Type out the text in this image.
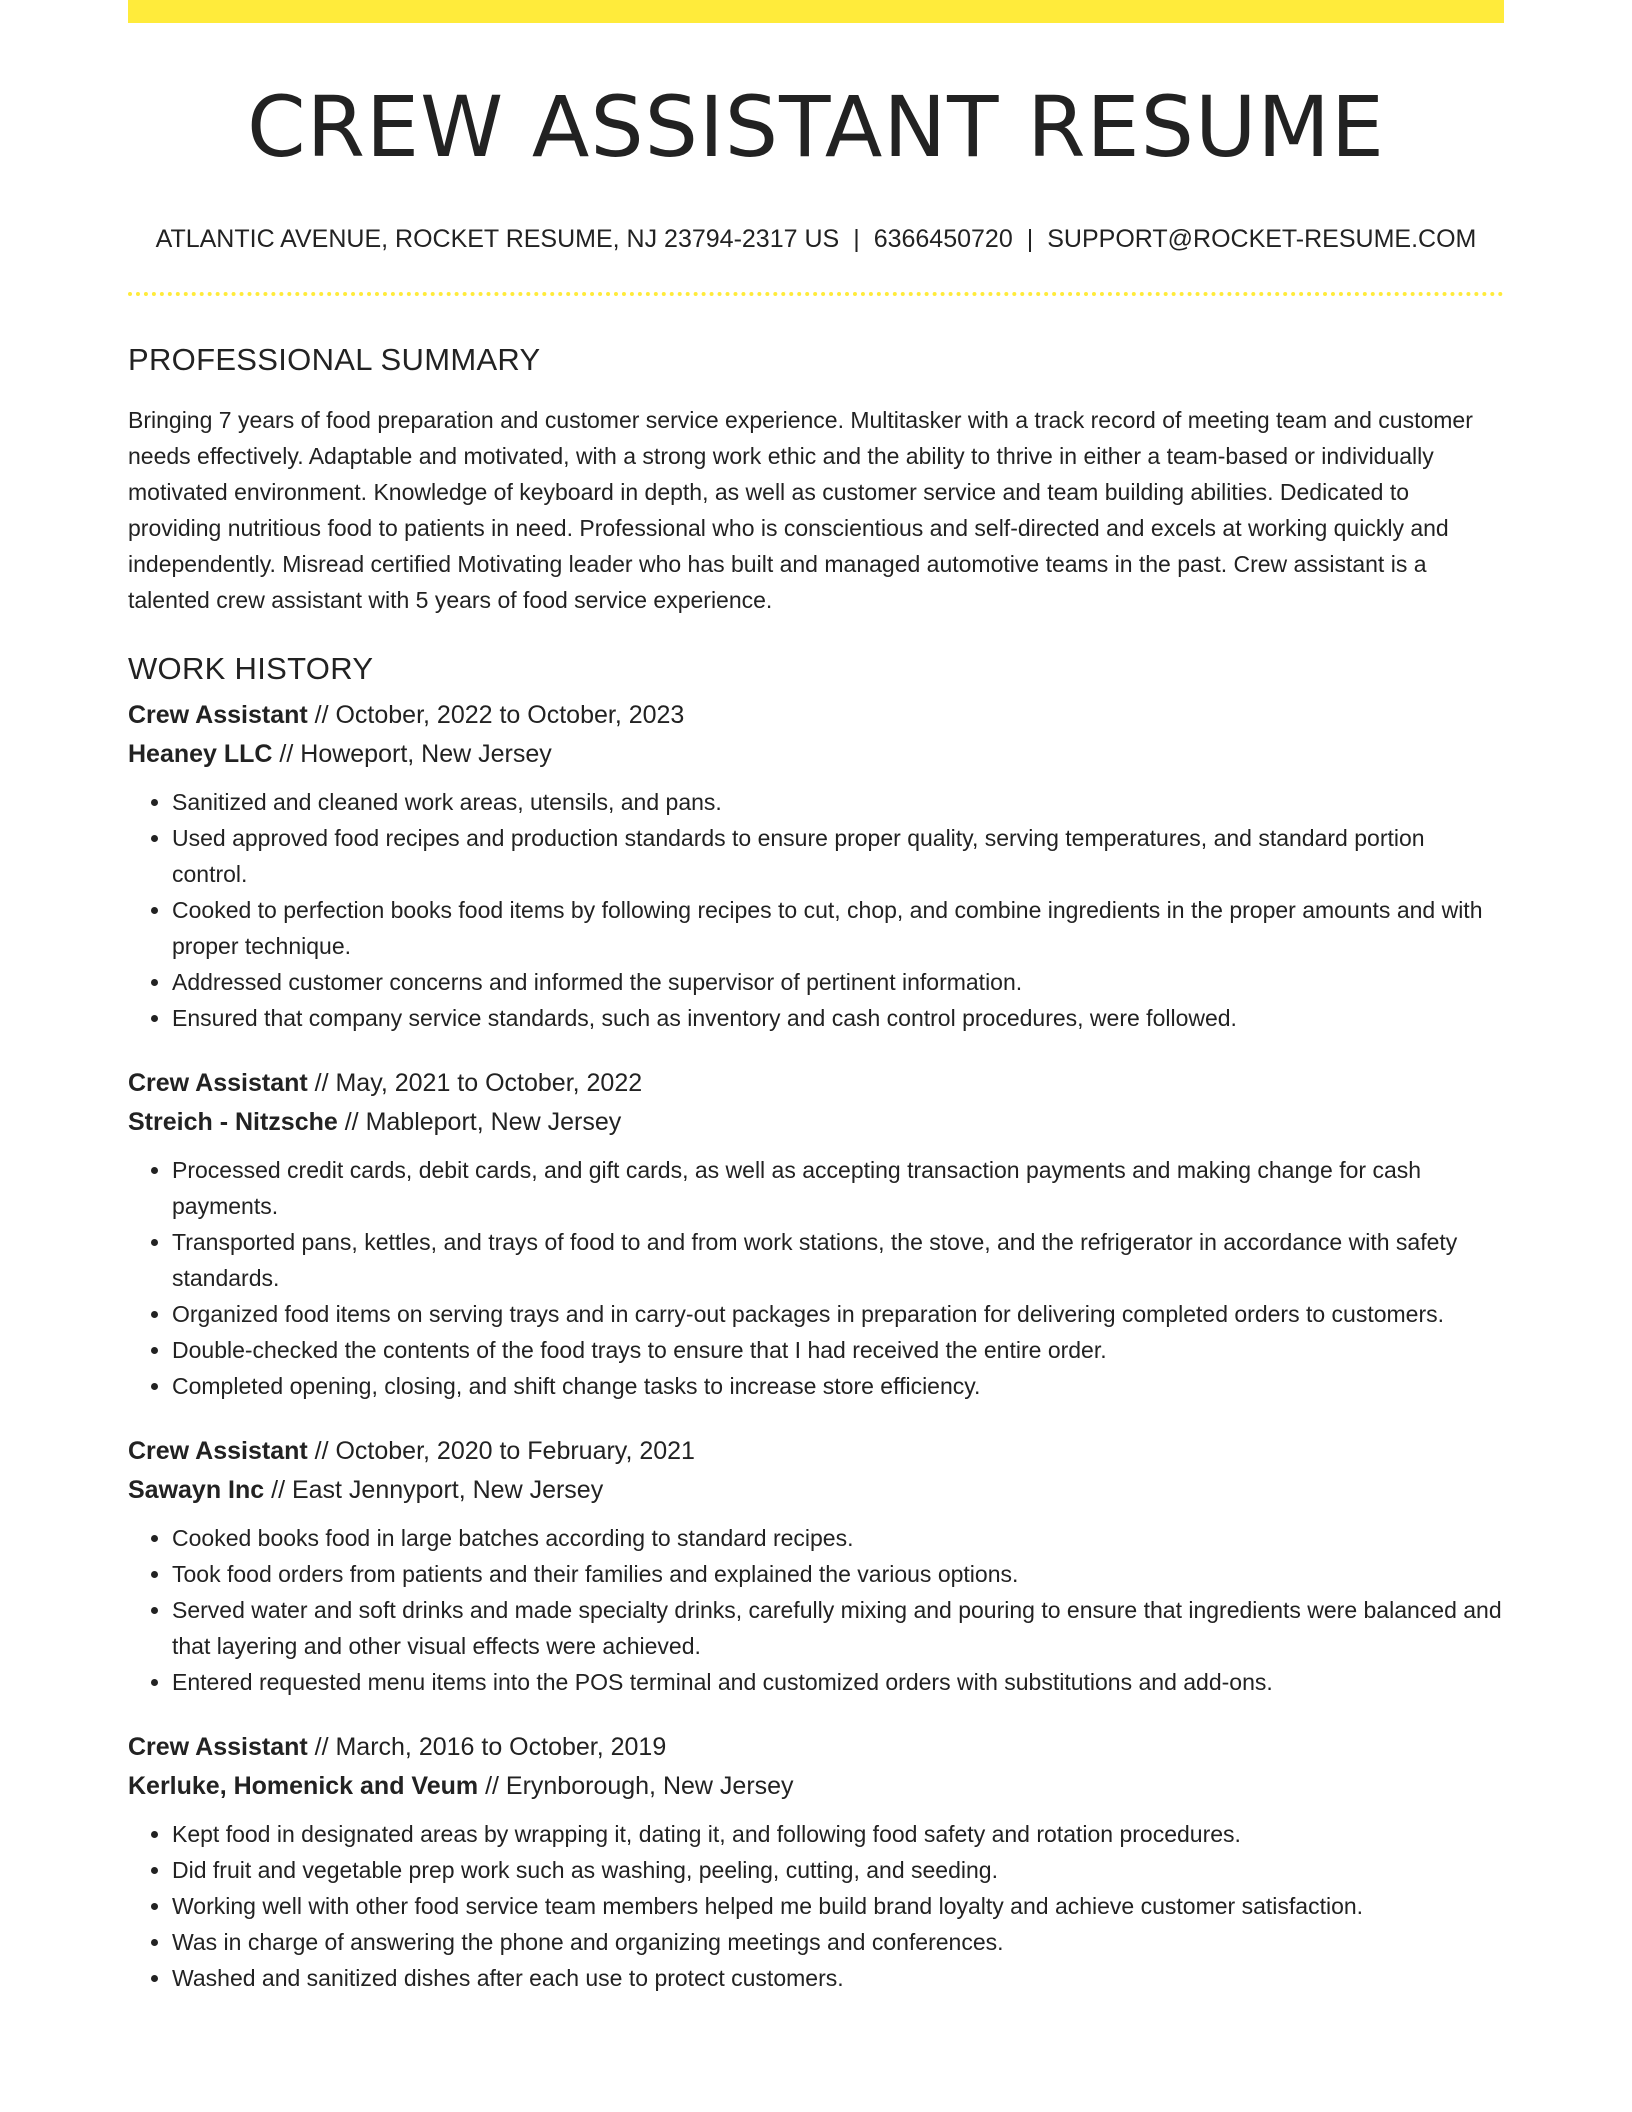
CREW ASSISTANT RESUME
ATLANTIC AVENUE, ROCKET RESUME, NJ 23794-2317 US | 6366450720 | SUPPORT@ROCKET-RESUME.COM
PROFESSIONAL SUMMARY

Bringing 7 years of food preparation and customer service experience. Multitasker with a track record of meeting team and customer needs effectively. Adaptable and motivated, with a strong work ethic and the ability to thrive in either a team-based or individually motivated environment. Knowledge of keyboard in depth, as well as customer service and team building abilities. Dedicated to providing nutritious food to patients in need. Professional who is conscientious and self-directed and excels at working quickly and independently. Misread certified Motivating leader who has built and managed automotive teams in the past. Crew assistant is a talented crew assistant with 5 years of food service experience.

WORK HISTORY
Crew Assistant // October, 2022 to October, 2023
Heaney LLC // Howeport, New Jersey
• Sanitized and cleaned work areas, utensils, and pans.
• Used approved food recipes and production standards to ensure proper quality, serving temperatures, and standard portion control.
• Cooked to perfection books food items by following recipes to cut, chop, and combine ingredients in the proper amounts and with proper technique.
• Addressed customer concerns and informed the supervisor of pertinent information.
• Ensured that company service standards, such as inventory and cash control procedures, were followed.
Crew Assistant // May, 2021 to October, 2022
Streich - Nitzsche // Mableport, New Jersey
• Processed credit cards, debit cards, and gift cards, as well as accepting transaction payments and making change for cash payments.
• Transported pans, kettles, and trays of food to and from work stations, the stove, and the refrigerator in accordance with safety standards.
• Organized food items on serving trays and in carry-out packages in preparation for delivering completed orders to customers.
• Double-checked the contents of the food trays to ensure that I had received the entire order.
• Completed opening, closing, and shift change tasks to increase store efficiency.
Crew Assistant // October, 2020 to February, 2021
Sawayn Inc // East Jennyport, New Jersey
• Cooked books food in large batches according to standard recipes.
• Took food orders from patients and their families and explained the various options.
• Served water and soft drinks and made specialty drinks, carefully mixing and pouring to ensure that ingredients were balanced and that layering and other visual effects were achieved.
• Entered requested menu items into the POS terminal and customized orders with substitutions and add-ons.
Crew Assistant // March, 2016 to October, 2019
Kerluke, Homenick and Veum // Erynborough, New Jersey
• Kept food in designated areas by wrapping it, dating it, and following food safety and rotation procedures.
• Did fruit and vegetable prep work such as washing, peeling, cutting, and seeding.
• Working well with other food service team members helped me build brand loyalty and achieve customer satisfaction.
• Was in charge of answering the phone and organizing meetings and conferences.
• Washed and sanitized dishes after each use to protect customers.
